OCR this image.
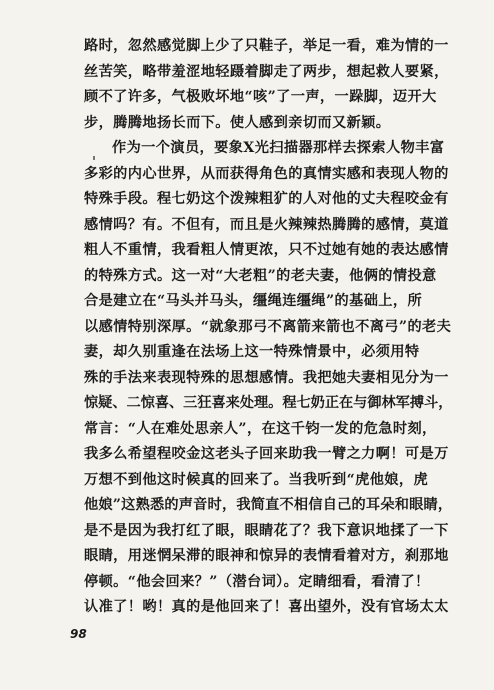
路时，忽然感觉脚上少了只鞋子，举足一看，难为情的一
丝苦笑，略带羞涩地轻蹑着脚走了两步，想起救人要紧，
顾不了许多，气极败坏地“咳”了一声，一跺脚，迈开大
步，腾腾地扬长而下。使人感到亲切而又新颖。
作为一个演员，要象X光扫描器那样去探索人物丰富
多彩的内心世界，从而获得角色的真情实感和表现人物的
特殊手段。程七奶这个泼辣粗犷的人对他的丈夫程咬金有
感情吗？有。不但有，而且是火辣辣热腾腾的感情，莫道
粗人不重情，我看粗人情更浓，只不过她有她的表达感情
的特殊方式。这一对“大老粗”的老夫妻，他俩的情投意
合是建立在“马头并马头，缰绳连缰绳”的基础上，所
以感情特别深厚。“就象那弓不离箭来箭也不离弓”的老夫
妻，却久别重逢在法场上这一特殊情景中，必须用特
殊的手法来表现特殊的思想感情。我把她夫妻相见分为一
惊疑、二惊喜、三狂喜来处理。程七奶正在与御林军搏斗，
常言：“人在难处思亲人”，在这千钧一发的危急时刻，
我多么希望程咬金这老头子回来助我一臂之力啊！可是万
万想不到他这时候真的回来了。当我听到“虎他娘，虎
他娘”这熟悉的声音时，我简直不相信自己的耳朵和眼睛，
是不是因为我打红了眼，眼睛花了？我下意识地揉了一下
眼睛，用迷惘呆滞的眼神和惊异的表情看着对方，刹那地
停顿。“他会回来？”（潜台词）。定睛细看，看清了！
认准了！哟！真的是他回来了！喜出望外，没有官场太太
98
